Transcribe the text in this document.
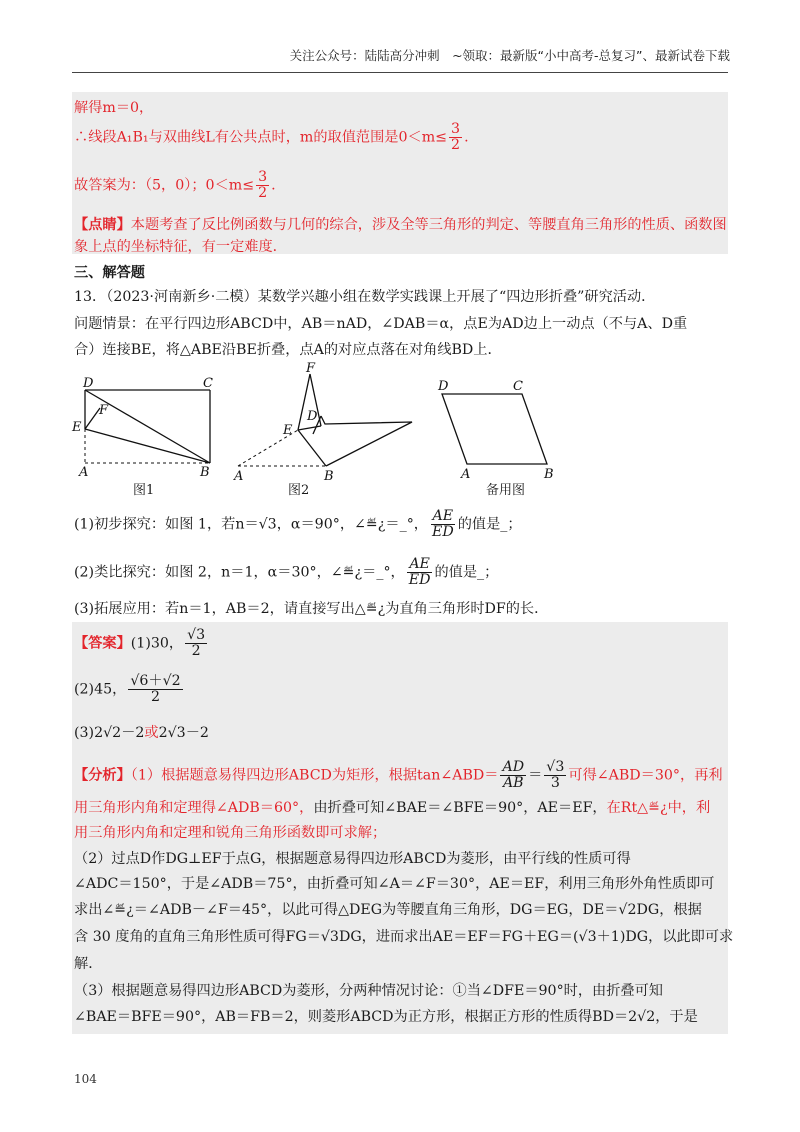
关注公众号：陆陆高分冲刺　~领取：最新版“小中高考-总复习”、最新试卷下载
解得m＝0，
∴线段A₁B₁与双曲线L有公共点时，m的取值范围是$0<m\le \frac{3}{2}$ .
故答案为：（5，0）；$0<m\le \frac{3}{2}$ .
【点睛】本题考查了反比例函数与几何的综合，涉及全等三角形的判定、等腰直角三角形的性质、函数图
象上点的坐标特征，有一定难度．
三、解答题
13．（2023·河南新乡·二模）某数学兴趣小组在数学实践课上开展了“四边形折叠”研究活动．
问题情景：在平行四边形ABCD中，AB＝nAD，∠DAB＝α，点E为AD边上一动点（不与A、D重
合）连接BE，将△ABE沿BE折叠，点A的对应点落在对角线BD上．
D	C
E
F
A	B
图1
F
D
E
B
A
图2
D	C
A	B
备用图
(1)初步探究：如图 1，若n＝√3，α＝90°，∠≝¿＝_°， $\frac{AE}{ED}$ 的值是_；
(2)类比探究：如图 2，n＝1，α＝30°，∠≝¿＝_°， $\frac{AE}{ED}$ 的值是_；
(3)拓展应用：若n＝1，AB＝2，请直接写出△≝¿为直角三角形时DF的长．
【答案】(1)30， $\frac{√3}{2}$
(2)45， $\frac{√6+√2}{2}$
(3)2√2－2或2√3－2
【分析】（1）根据题意易得四边形ABCD为矩形，根据tan∠ABD＝ $\frac{AD}{AB} = \frac{√3}{3}$ 可得∠ABD＝30°，再利
用三角形内角和定理得∠ADB＝60°，由折叠可知∠BAE＝∠BFE＝90°，AE＝EF，在Rt△≝¿中，利
用三角形内角和定理和锐角三角形函数即可求解；
（2）过点D作DG⊥EF于点G，根据题意易得四边形ABCD为菱形，由平行线的性质可得
∠ADC＝150°，于是∠ADB＝75°，由折叠可知∠A＝∠F＝30°，AE＝EF，利用三角形外角性质即可
求出∠≝¿＝∠ADB－∠F＝45°，以此可得△DEG为等腰直角三角形，DG＝EG，DE＝√2DG，根据
含 30 度角的直角三角形性质可得FG＝√3DG，进而求出AE＝EF＝FG＋EG＝(√3＋1)DG，以此即可求
解．
（3）根据题意易得四边形ABCD为菱形，分两种情况讨论：①当∠DFE＝90°时，由折叠可知
∠BAE＝BFE＝90°，AB＝FB＝2，则菱形ABCD为正方形，根据正方形的性质得BD＝2√2，于是
104
